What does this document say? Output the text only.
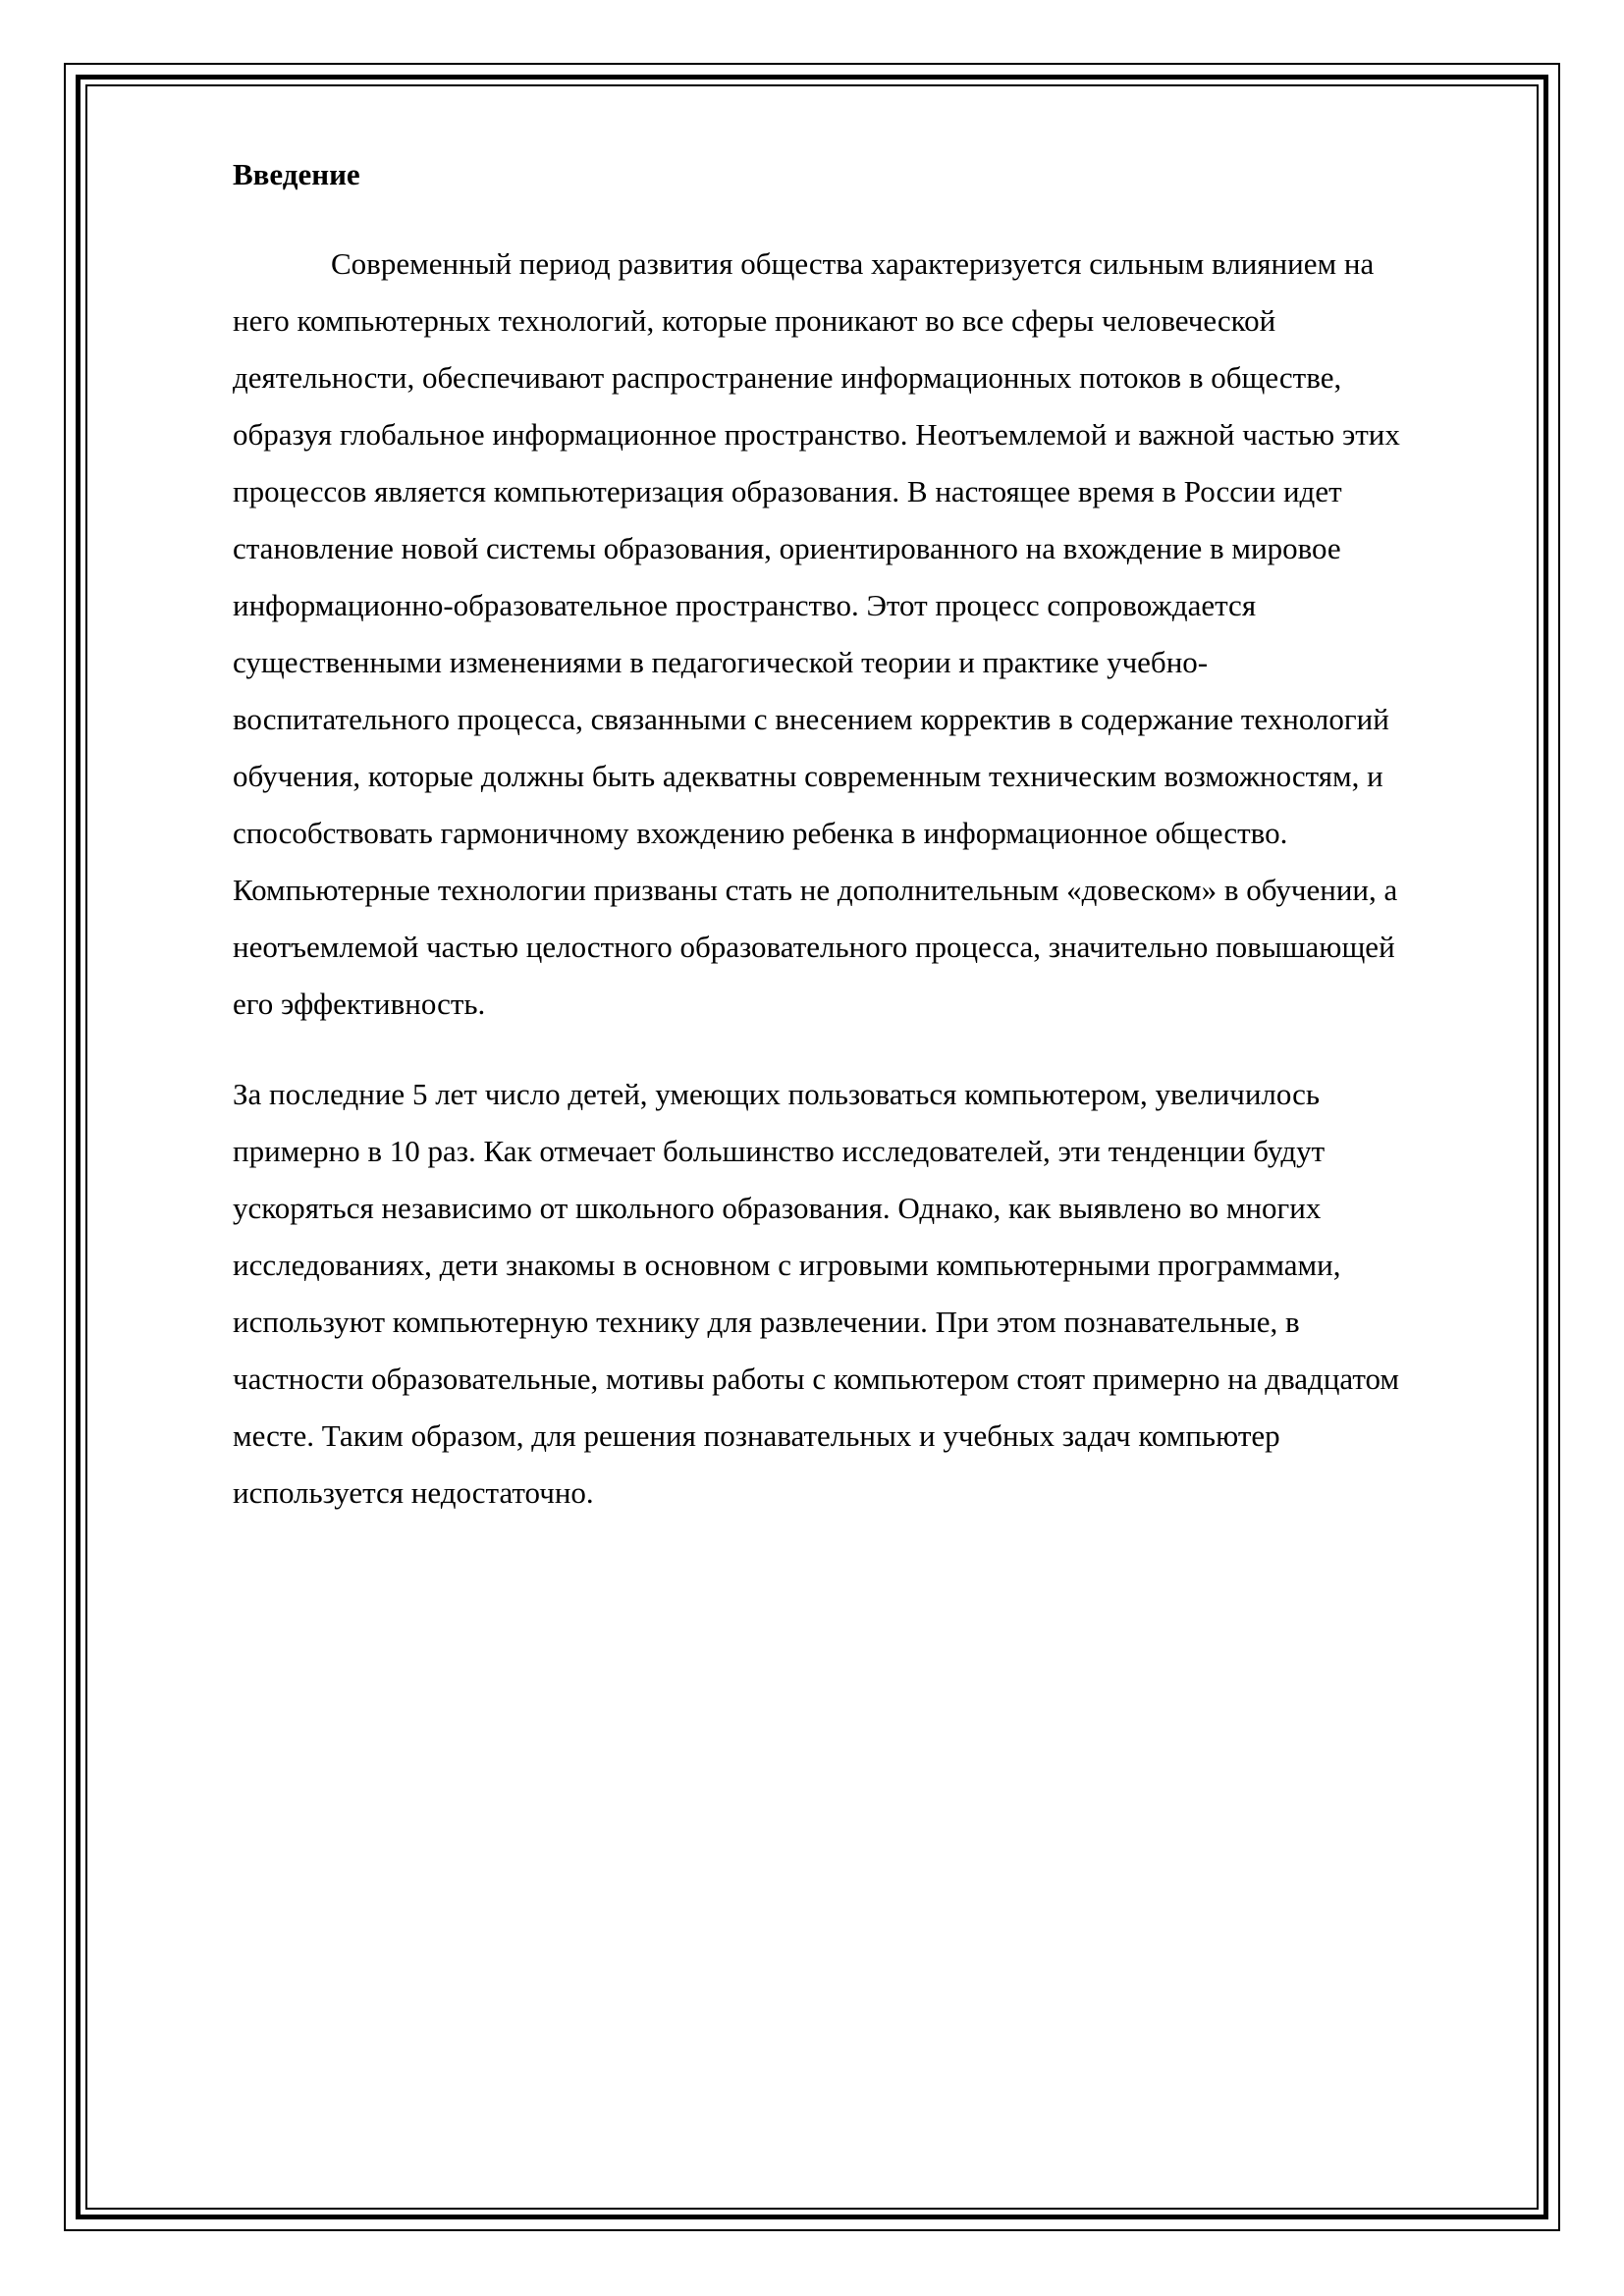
Введение

Современный период развития общества характеризуется сильным влиянием на
него компьютерных технологий, которые проникают во все сферы человеческой
деятельности, обеспечивают распространение информационных потоков в обществе,
образуя глобальное информационное пространство. Неотъемлемой и важной частью этих
процессов является компьютеризация образования. В настоящее время в России идет
становление новой системы образования, ориентированного на вхождение в мировое
информационно-образовательное пространство. Этот процесс сопровождается
существенными изменениями в педагогической теории и практике учебно-
воспитательного процесса, связанными с внесением корректив в содержание технологий
обучения, которые должны быть адекватны современным техническим возможностям, и
способствовать гармоничному вхождению ребенка в информационное общество.
Компьютерные технологии призваны стать не дополнительным «довеском» в обучении, а
неотъемлемой частью целостного образовательного процесса, значительно повышающей
его эффективность.

За последние 5 лет число детей, умеющих пользоваться компьютером, увеличилось
примерно в 10 раз. Как отмечает большинство исследователей, эти тенденции будут
ускоряться независимо от школьного образования. Однако, как выявлено во многих
исследованиях, дети знакомы в основном с игровыми компьютерными программами,
используют компьютерную технику для развлечении. При этом познавательные, в
частности образовательные, мотивы работы с компьютером стоят примерно на двадцатом
месте. Таким образом, для решения познавательных и учебных задач компьютер
используется недостаточно.
